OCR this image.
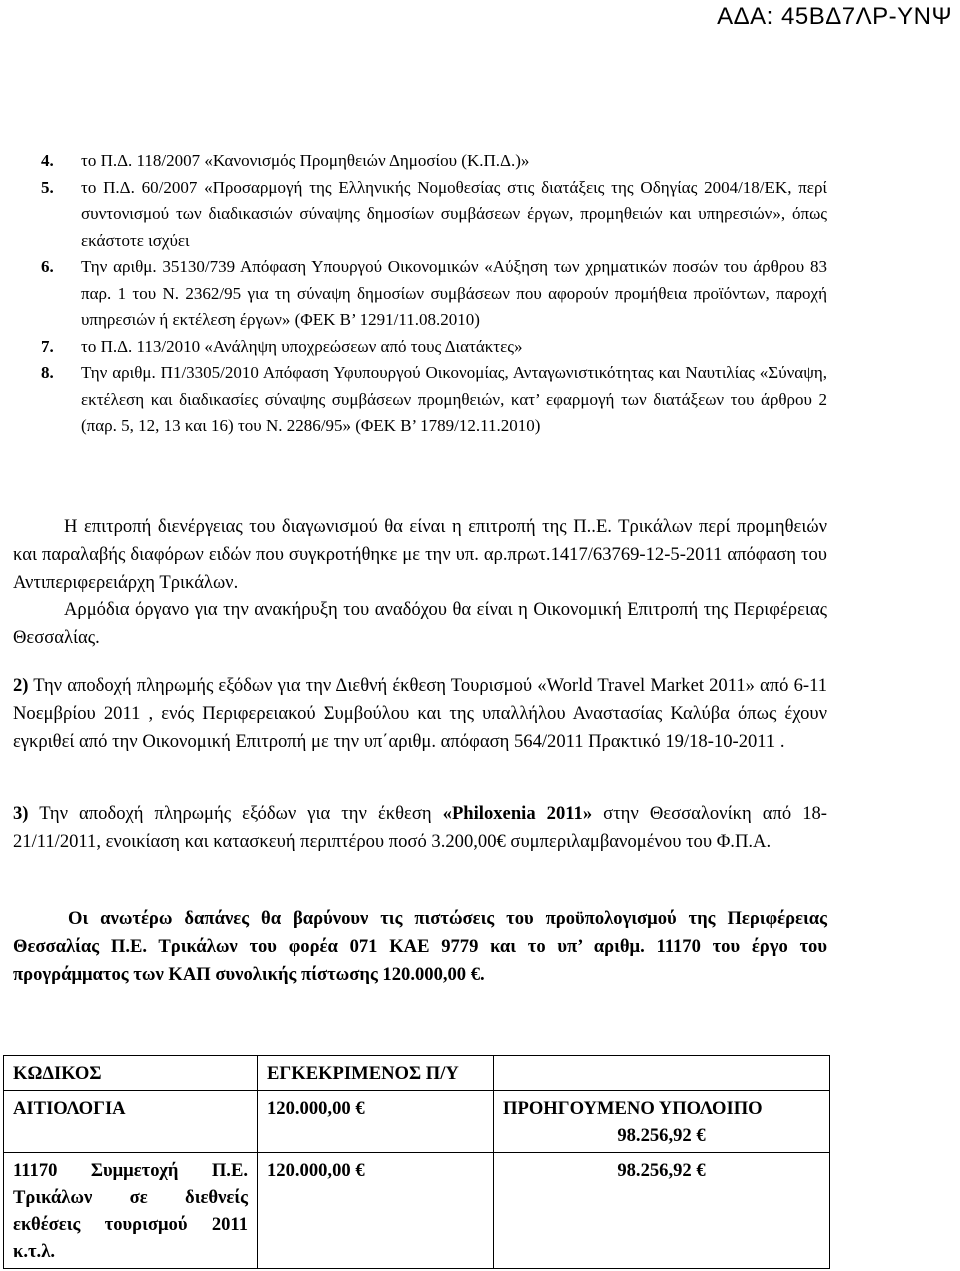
ΑΔΑ: 45ΒΔ7ΛΡ-ΥΝΨ
4. το Π.Δ. 118/2007 «Κανονισμός Προμηθειών Δημοσίου (Κ.Π.Δ.)»
5. το Π.Δ. 60/2007 «Προσαρμογή της Ελληνικής Νομοθεσίας στις διατάξεις της Οδηγίας 2004/18/ΕΚ, περί συντονισμού των διαδικασιών σύναψης δημοσίων συμβάσεων έργων, προμηθειών και υπηρεσιών», όπως εκάστοτε ισχύει
6. Την αριθμ. 35130/739 Απόφαση Υπουργού Οικονομικών «Αύξηση των χρηματικών ποσών του άρθρου 83 παρ. 1 του Ν. 2362/95 για τη σύναψη δημοσίων συμβάσεων που αφορούν προμήθεια προϊόντων, παροχή υπηρεσιών ή εκτέλεση έργων» (ΦΕΚ Β’ 1291/11.08.2010)
7. το Π.Δ. 113/2010 «Ανάληψη υποχρεώσεων από τους Διατάκτες»
8. Την αριθμ. Π1/3305/2010 Απόφαση Υφυπουργού Οικονομίας, Ανταγωνιστικότητας και Ναυτιλίας «Σύναψη, εκτέλεση και διαδικασίες σύναψης συμβάσεων προμηθειών, κατ’ εφαρμογή των διατάξεων του άρθρου 2 (παρ. 5, 12, 13 και 16) του Ν. 2286/95» (ΦΕΚ Β’ 1789/12.11.2010)

Η επιτροπή διενέργειας του διαγωνισμού θα είναι η επιτροπή της Π..Ε. Τρικάλων περί προμηθειών και παραλαβής διαφόρων ειδών που συγκροτήθηκε με την υπ. αρ.πρωτ.1417/63769-12-5-2011 απόφαση του Αντιπεριφερειάρχη Τρικάλων.

Αρμόδια όργανο για την ανακήρυξη του αναδόχου θα είναι η Οικονομική Επιτροπή της Περιφέρειας Θεσσαλίας.

2) Την αποδοχή πληρωμής εξόδων για την Διεθνή έκθεση Τουρισμού «World Travel Market 2011» από 6-11 Νοεμβρίου 2011 , ενός Περιφερειακού Συμβούλου και της υπαλλήλου Αναστασίας Καλύβα όπως έχουν εγκριθεί από την Οικονομική Επιτροπή με την υπ΄αριθμ. απόφαση 564/2011 Πρακτικό 19/18-10-2011 .

3) Την αποδοχή πληρωμής εξόδων για την έκθεση «Philoxenia 2011» στην Θεσσαλονίκη από 18-21/11/2011, ενοικίαση και κατασκευή περιπτέρου ποσό 3.200,00€ συμπεριλαμβανομένου του Φ.Π.Α.

Οι ανωτέρω δαπάνες θα βαρύνουν τις πιστώσεις του προϋπολογισμού της Περιφέρειας Θεσσαλίας Π.Ε. Τρικάλων του φορέα 071 ΚΑΕ 9779 και το υπ’ αριθμ. 11170 του έργο του προγράμματος των ΚΑΠ συνολικής πίστωσης 120.000,00 €.

ΚΩΔΙΚΟΣ	ΕΓΚΕΚΡΙΜΕΝΟΣ Π/Υ	
ΑΙΤΙΟΛΟΓΙΑ	120.000,00 €	ΠΡΟΗΓΟΥΜΕΝΟ ΥΠΟΛΟΙΠΟ
98.256,92 €

11170 Συμμετοχή Π.Ε. Τρικάλων σε διεθνείς εκθέσεις τουρισμού 2011 κ.τ.λ.	120.000,00 €	98.256,92 €
